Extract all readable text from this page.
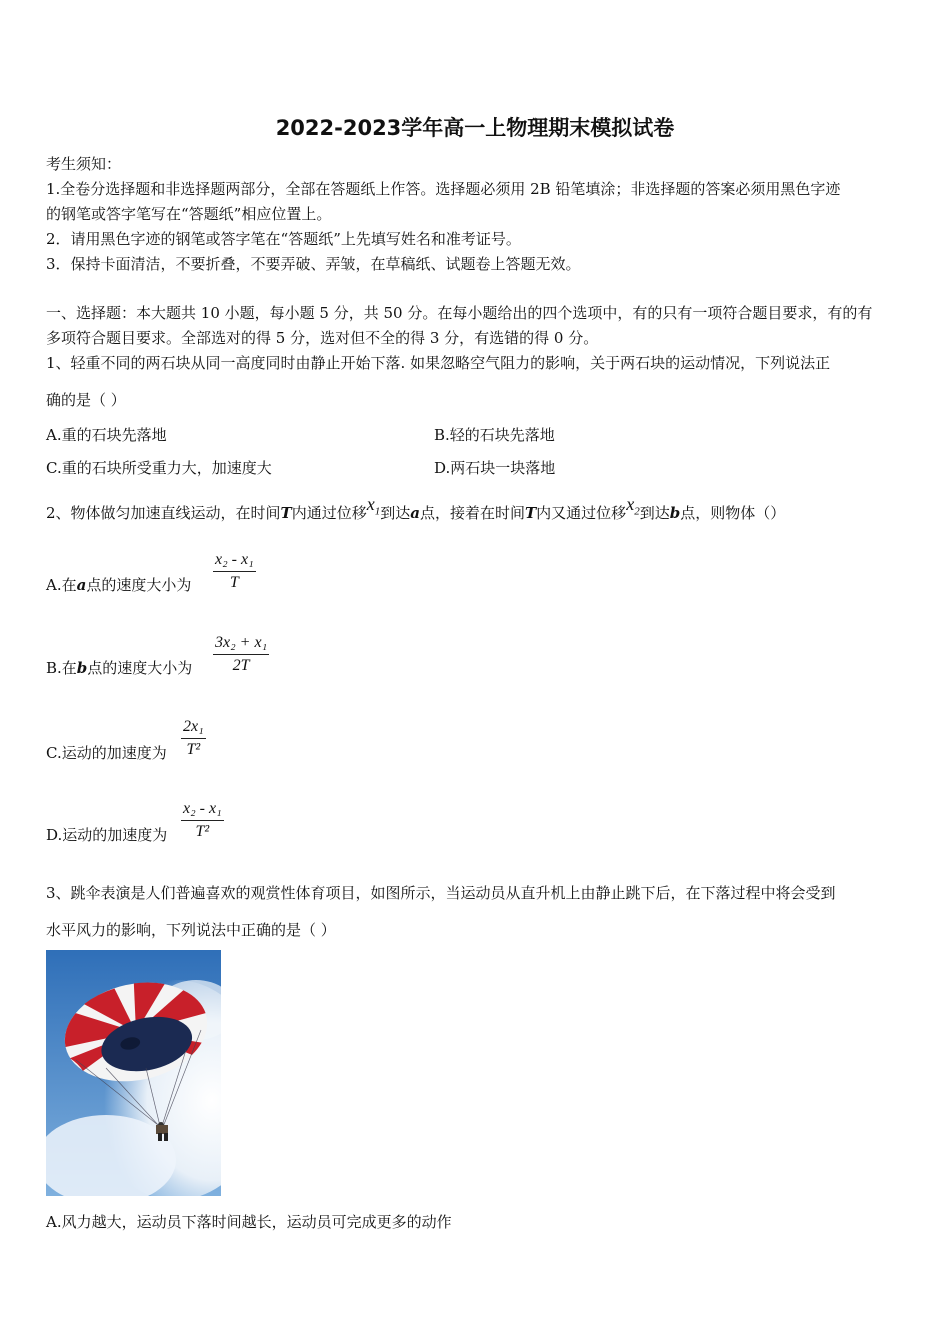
2022-2023学年高一上物理期末模拟试卷
考生须知：
1.全卷分选择题和非选择题两部分，全部在答题纸上作答。选择题必须用 2B 铅笔填涂；非选择题的答案必须用黑色字迹
的钢笔或答字笔写在“答题纸”相应位置上。
2．请用黑色字迹的钢笔或答字笔在“答题纸”上先填写姓名和准考证号。
3．保持卡面清洁，不要折叠，不要弄破、弄皱，在草稿纸、试题卷上答题无效。
一、选择题：本大题共 10 小题，每小题 5 分，共 50 分。在每小题给出的四个选项中，有的只有一项符合题目要求，有的有
多项符合题目要求。全部选对的得 5 分，选对但不全的得 3 分，有选错的得 0 分。
1、轻重不同的两石块从同一高度同时由静止开始下落. 如果忽略空气阻力的影响，关于两石块的运动情况，下列说法正
确的是（ ）
A.重的石块先落地	B.轻的石块先落地
C.重的石块所受重力大，加速度大	D.两石块一块落地
2、物体做匀加速直线运动，在时间T内通过位移$x_1$到达a点，接着在时间T内又通过位移$x_2$到达b点，则物体（）
A.在a点的速度大小为 $\frac{\text{x₂ - x₁}}{T}$
B.在b点的速度大小为 $\frac{\text{3x₂ + x₁}}{2T}$
C.运动的加速度为 $\frac{\text{2x₁}}{\text{T²}}$
D.运动的加速度为 $\frac{\text{x₂ - x₁}}{\text{T²}}$
3、跳伞表演是人们普遍喜欢的观赏性体育项目，如图所示，当运动员从直升机上由静止跳下后，在下落过程中将会受到
水平风力的影响，下列说法中正确的是（ ）
A.风力越大，运动员下落时间越长，运动员可完成更多的动作
